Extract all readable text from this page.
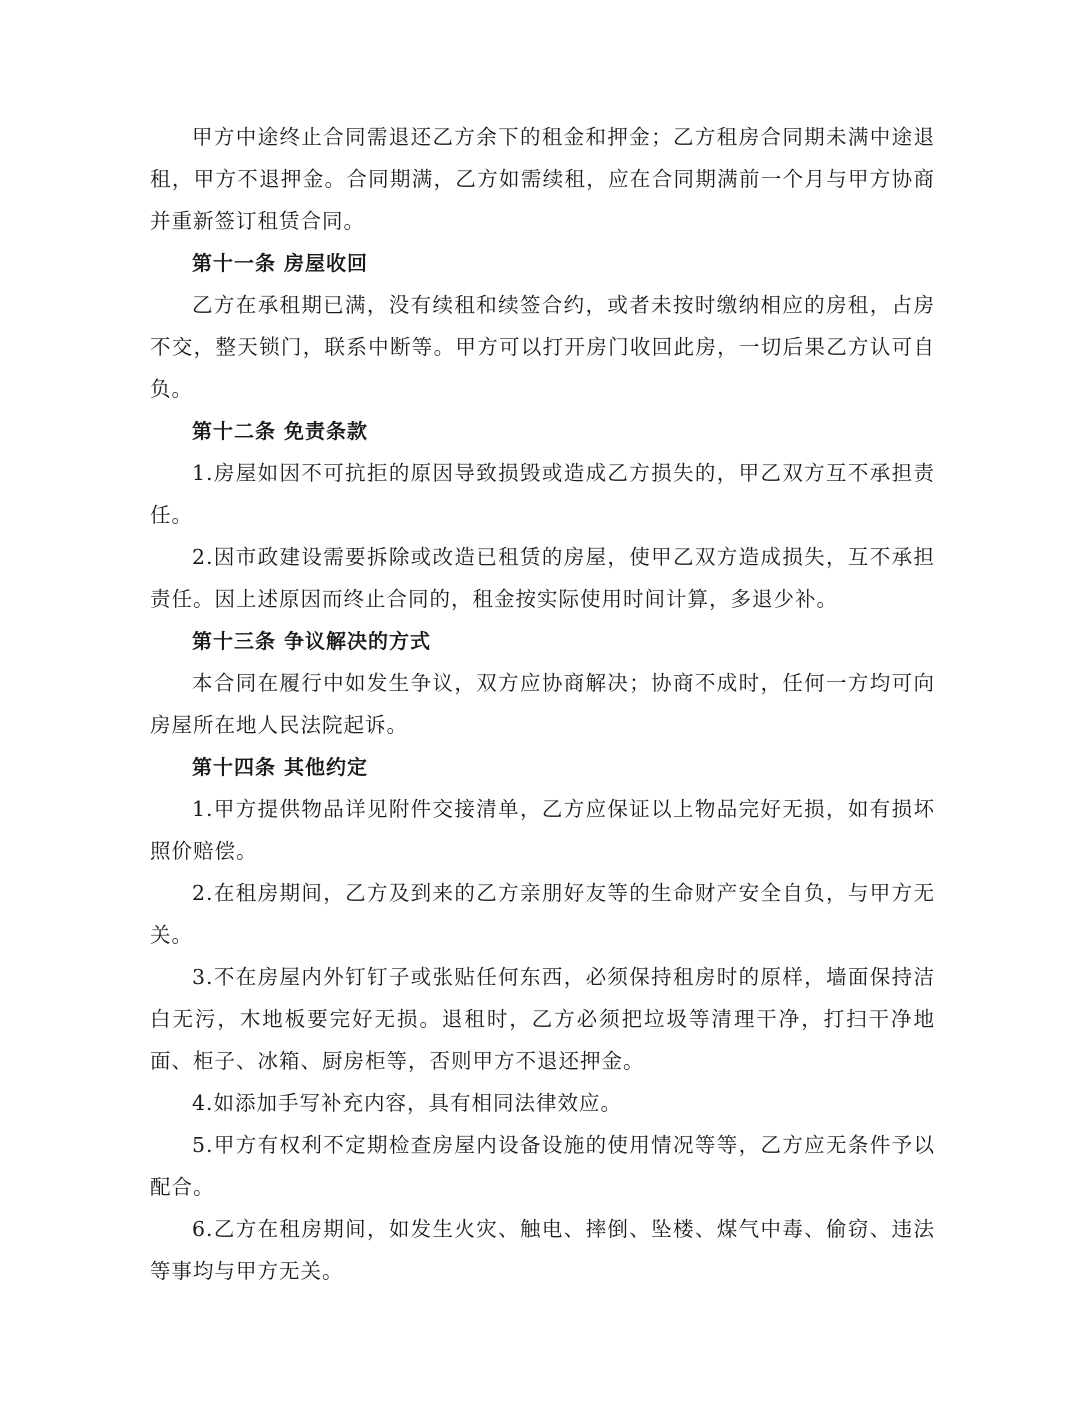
甲方中途终止合同需退还乙方余下的租金和押金；乙方租房合同期未满中途退租，甲方不退押金。合同期满，乙方如需续租，应在合同期满前一个月与甲方协商并重新签订租赁合同。

第十一条 房屋收回

乙方在承租期已满，没有续租和续签合约，或者未按时缴纳相应的房租，占房不交，整天锁门，联系中断等。甲方可以打开房门收回此房，一切后果乙方认可自负。

第十二条 免责条款

1.房屋如因不可抗拒的原因导致损毁或造成乙方损失的，甲乙双方互不承担责任。

2.因市政建设需要拆除或改造已租赁的房屋，使甲乙双方造成损失，互不承担责任。因上述原因而终止合同的，租金按实际使用时间计算，多退少补。

第十三条 争议解决的方式

本合同在履行中如发生争议，双方应协商解决；协商不成时，任何一方均可向房屋所在地人民法院起诉。

第十四条 其他约定

1.甲方提供物品详见附件交接清单，乙方应保证以上物品完好无损，如有损坏照价赔偿。

2.在租房期间，乙方及到来的乙方亲朋好友等的生命财产安全自负，与甲方无关。

3.不在房屋内外钉钉子或张贴任何东西，必须保持租房时的原样，墙面保持洁白无污，木地板要完好无损。退租时，乙方必须把垃圾等清理干净，打扫干净地面、柜子、冰箱、厨房柜等，否则甲方不退还押金。

4.如添加手写补充内容，具有相同法律效应。

5.甲方有权利不定期检查房屋内设备设施的使用情况等等，乙方应无条件予以配合。

6.乙方在租房期间，如发生火灾、触电、摔倒、坠楼、煤气中毒、偷窃、违法等事均与甲方无关。
